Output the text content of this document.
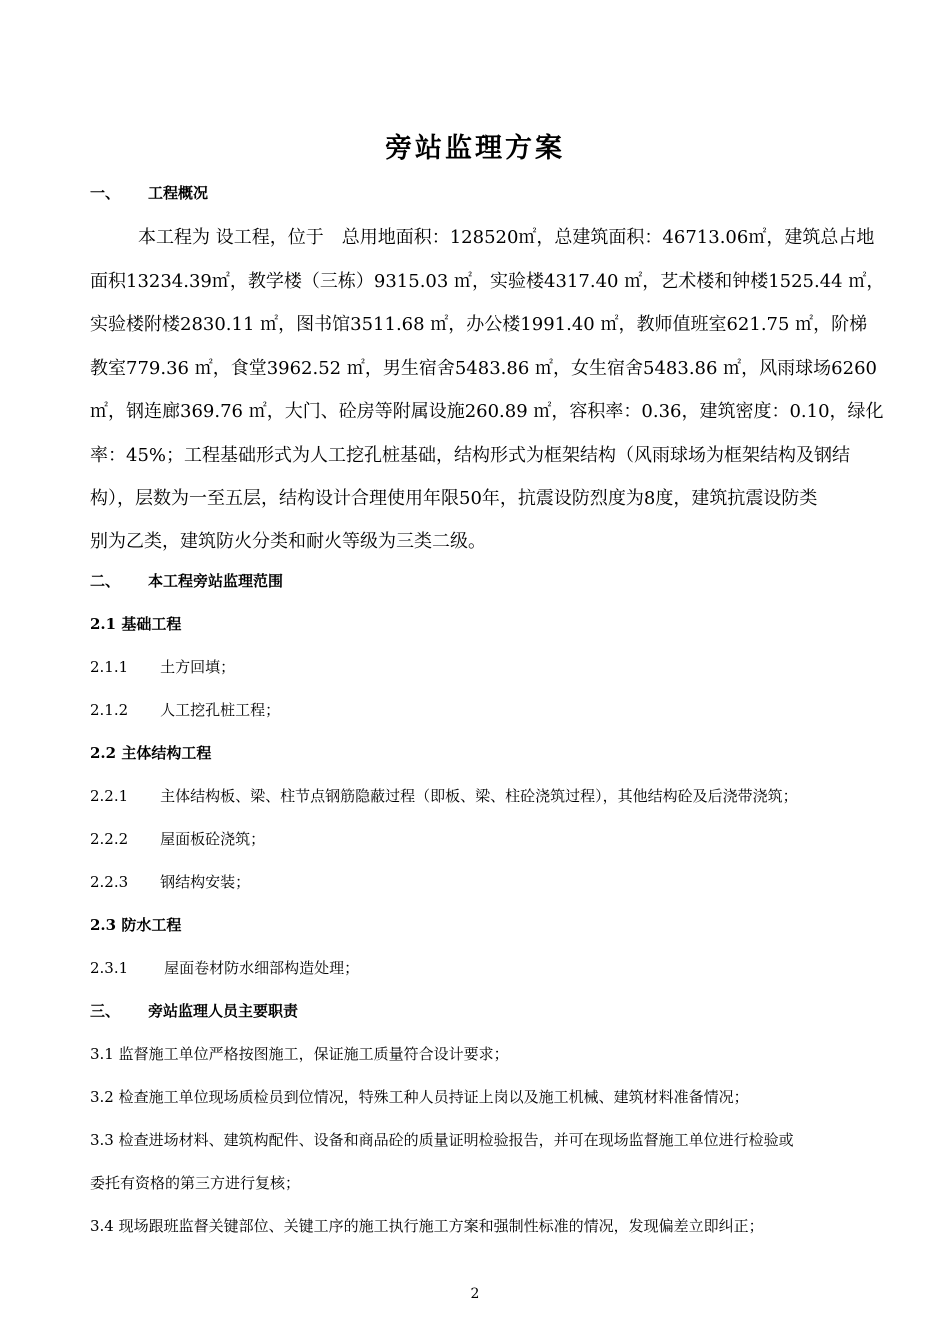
旁站监理方案
一、 工程概况
本工程为 设工程，位于　总用地面积：128520㎡，总建筑面积：46713.06㎡，建筑总占地
面积13234.39㎡，教学楼（三栋）9315.03 ㎡，实验楼4317.40 ㎡，艺术楼和钟楼1525.44 ㎡，
实验楼附楼2830.11 ㎡，图书馆3511.68 ㎡，办公楼1991.40 ㎡，教师值班室621.75 ㎡，阶梯
教室779.36 ㎡，食堂3962.52 ㎡，男生宿舍5483.86 ㎡，女生宿舍5483.86 ㎡，风雨球场6260
㎡，钢连廊369.76 ㎡，大门、砼房等附属设施260.89 ㎡，容积率：0.36，建筑密度：0.10，绿化
率：45%；工程基础形式为人工挖孔桩基础，结构形式为框架结构（风雨球场为框架结构及钢结
构），层数为一至五层，结构设计合理使用年限50年，抗震设防烈度为8度，建筑抗震设防类
别为乙类，建筑防火分类和耐火等级为三类二级。
二、 本工程旁站监理范围
2.1 基础工程
2.1.1 土方回填；
2.1.2 人工挖孔桩工程；
2.2 主体结构工程
2.2.1 主体结构板、梁、柱节点钢筋隐蔽过程（即板、梁、柱砼浇筑过程），其他结构砼及后浇带浇筑；
2.2.2 屋面板砼浇筑；
2.2.3 钢结构安装；
2.3 防水工程
2.3.1 屋面卷材防水细部构造处理；
三、 旁站监理人员主要职责
3.1 监督施工单位严格按图施工，保证施工质量符合设计要求；
3.2 检查施工单位现场质检员到位情况，特殊工种人员持证上岗以及施工机械、建筑材料准备情况；
3.3 检查进场材料、建筑构配件、设备和商品砼的质量证明检验报告，并可在现场监督施工单位进行检验或
委托有资格的第三方进行复核；
3.4 现场跟班监督关键部位、关键工序的施工执行施工方案和强制性标准的情况，发现偏差立即纠正；
2
